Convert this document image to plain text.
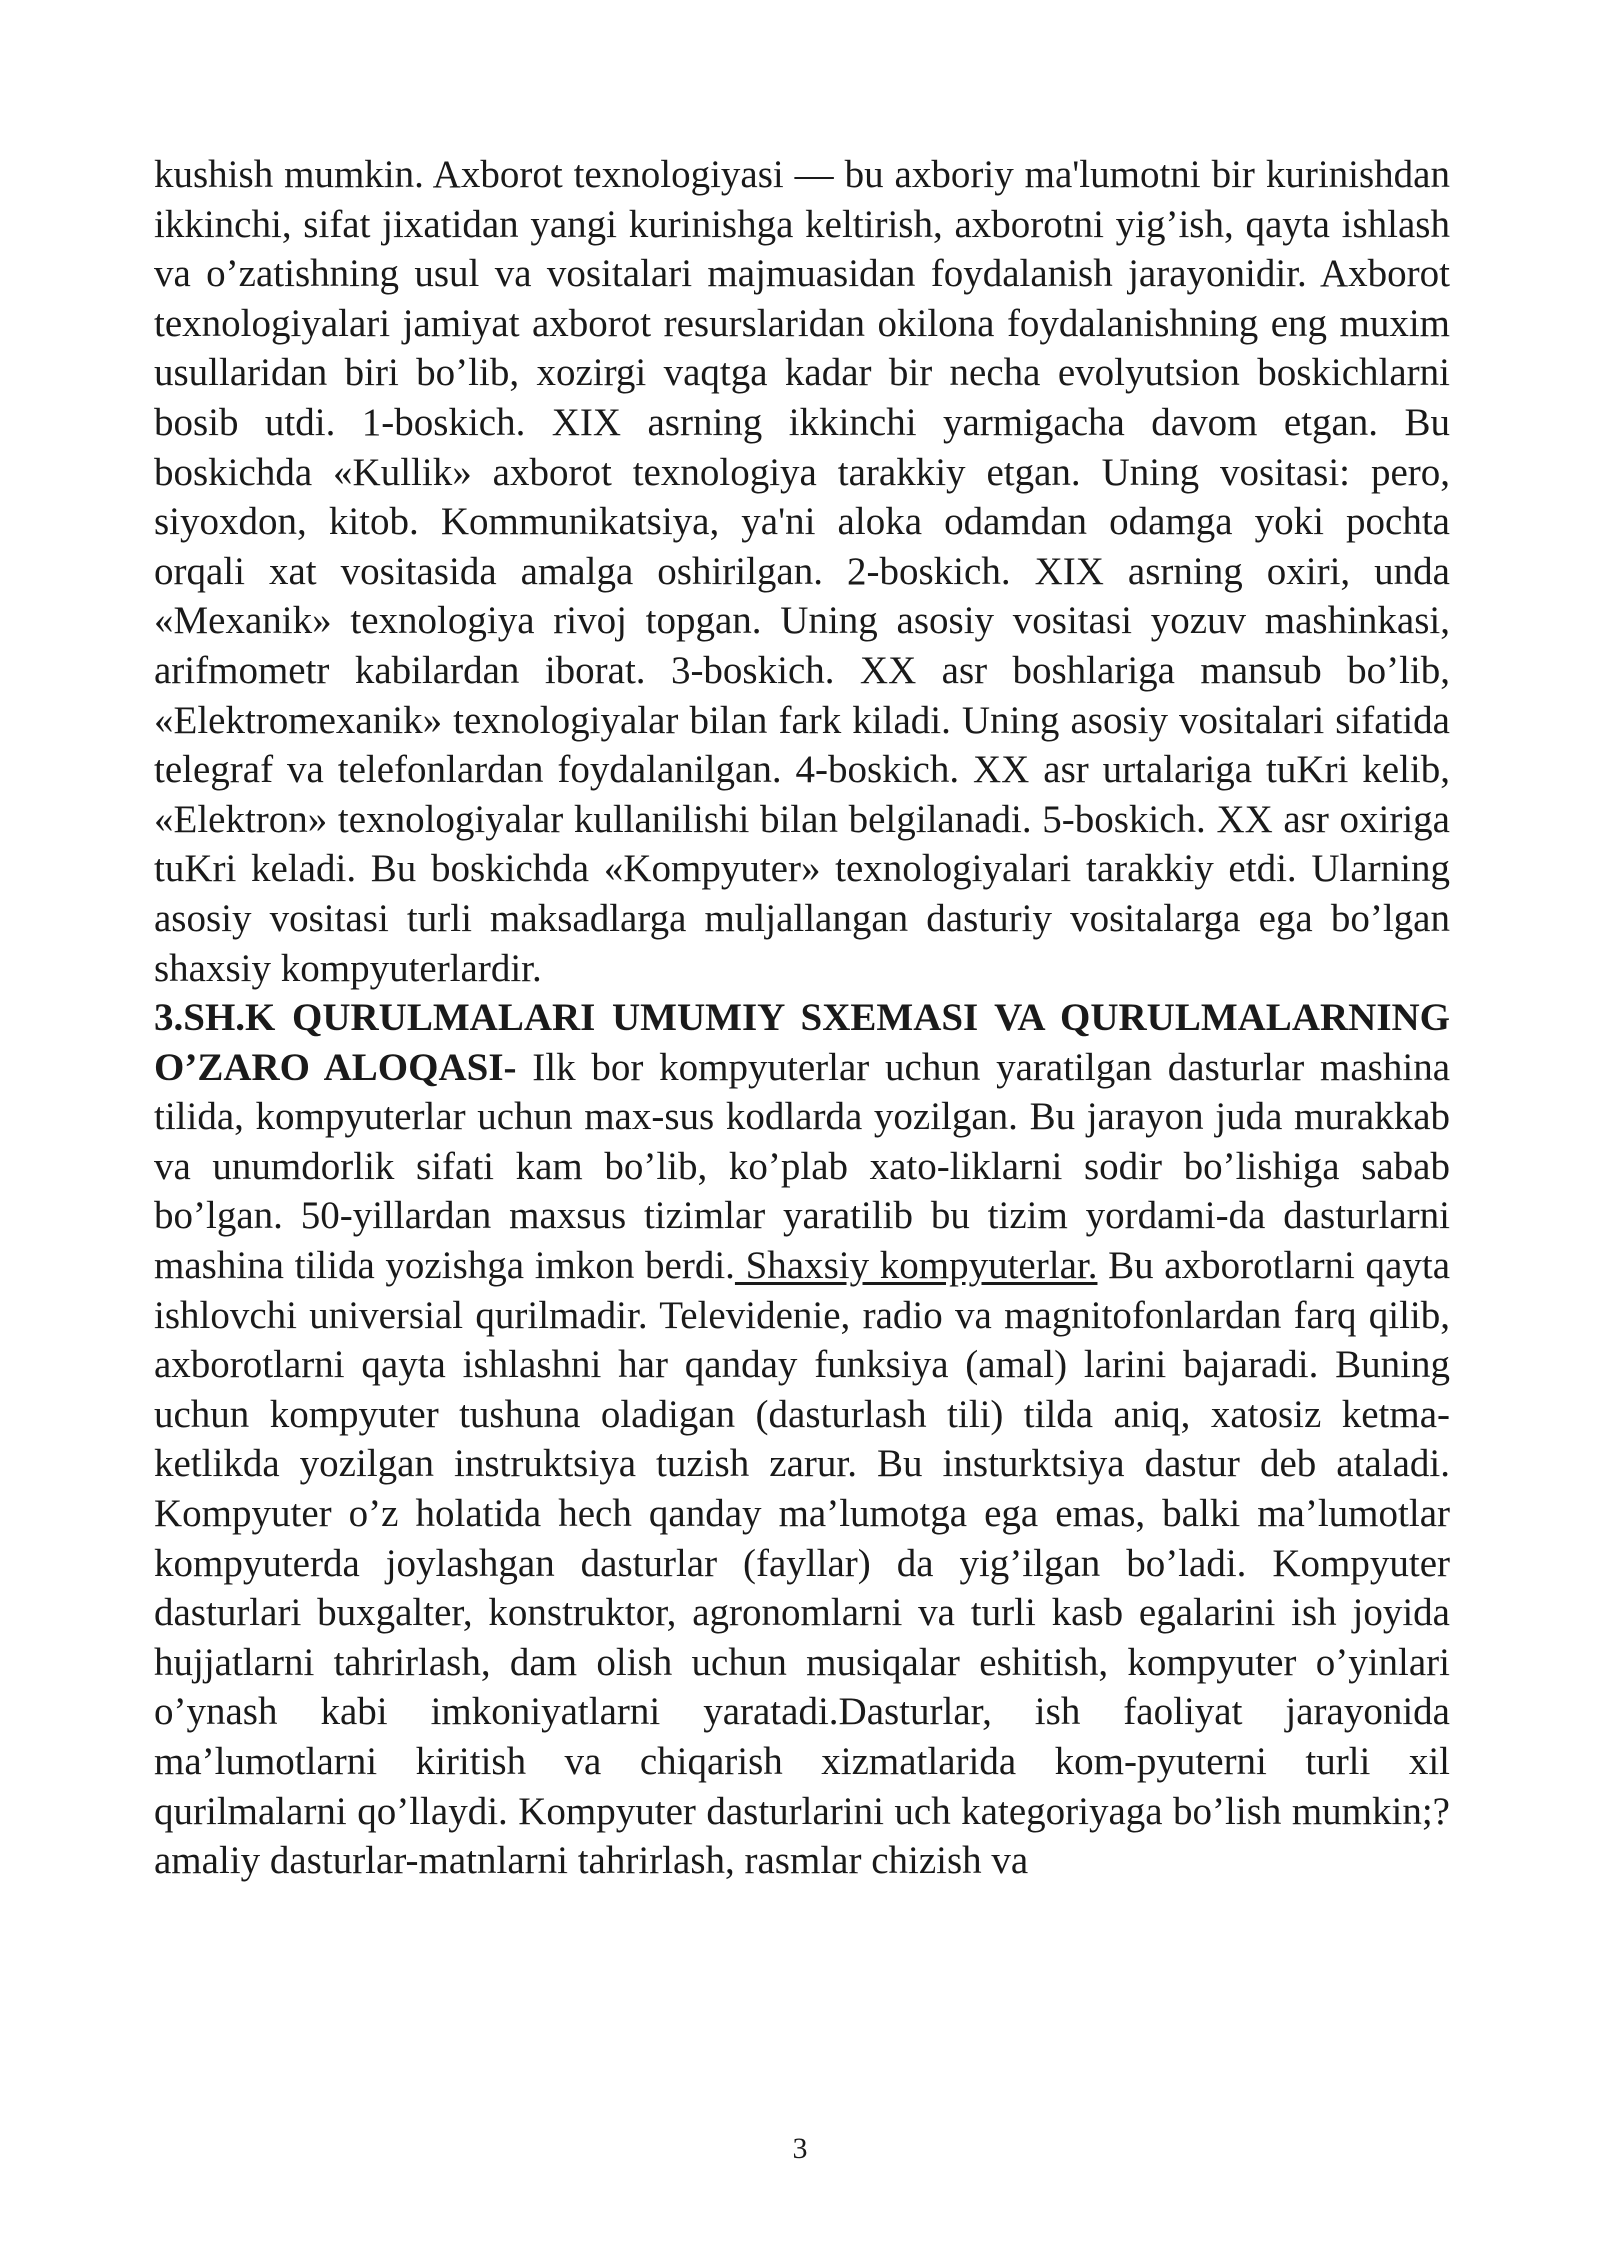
kushish mumkin. Axborot texnologiyasi — bu axboriy ma'lumotni bir kurinishdan ikkinchi, sifat jixatidan yangi kurinishga keltirish, axborotni yig’ish, qayta ishlash va o’zatishning usul va vositalari majmuasidan foydalanish jarayonidir. Axborot texnologiyalari jamiyat axborot resurslaridan okilona foydalanishning eng muxim usullaridan biri bo’lib, xozirgi vaqtga kadar bir necha evolyutsion boskichlarni bosib utdi. 1-boskich. XIX asrning ikkinchi yarmigacha davom etgan. Bu boskichda «Kullik» axborot texnologiya tarakkiy etgan. Uning vositasi: pero, siyoxdon, kitob. Kommunikatsiya, ya'ni aloka odamdan odamga yoki pochta orqali xat vositasida amalga oshirilgan. 2-boskich. XIX asrning oxiri, unda «Mexanik» texnologiya rivoj topgan. Uning asosiy vositasi yozuv mashinkasi, arifmometr kabilardan iborat. 3-boskich. XX asr boshlariga mansub bo’lib, «Elektromexanik» texnologiyalar bilan fark kiladi. Uning asosiy vositalari sifatida telegraf va telefonlardan foydalanilgan. 4-boskich. XX asr urtalariga tuKri kelib, «Elektron» texnologiyalar kullanilishi bilan belgilanadi. 5-boskich. XX asr oxiriga tuKri keladi. Bu boskichda «Kompyuter» texnologiyalari tarakkiy etdi. Ularning asosiy vositasi turli maksadlarga muljallangan dasturiy vositalarga ega bo’lgan shaxsiy kompyuterlardir.

3.SH.K QURULMALARI UMUMIY SXEMASI VA QURULMALARNING O’ZARO ALOQASI- Ilk bor kompyuterlar uchun yaratilgan dasturlar mashina tilida, kompyuterlar uchun max-sus kodlarda yozilgan. Bu jarayon juda murakkab va unumdorlik sifati kam bo’lib, ko’plab xato-liklarni sodir bo’lishiga sabab bo’lgan. 50-yillardan maxsus tizimlar yaratilib bu tizim yordami-da dasturlarni mashina tilida yozishga imkon berdi. Shaxsiy kompyuterlar. Bu axborotlarni qayta ishlovchi universial qurilmadir. Televidenie, radio va magnitofonlardan farq qilib, axborotlarni qayta ishlashni har qanday funksiya (amal) larini bajaradi. Buning uchun kompyuter tushuna oladigan (dasturlash tili) tilda aniq, xatosiz ketma-ketlikda yozilgan instruktsiya tuzish zarur. Bu insturktsiya dastur deb ataladi. Kompyuter o’z holatida hech qanday ma’lumotga ega emas, balki ma’lumotlar kompyuterda joylashgan dasturlar (fayllar) da yig’ilgan bo’ladi. Kompyuter dasturlari buxgalter, konstruktor, agronomlarni va turli kasb egalarini ish joyida hujjatlarni tahrirlash, dam olish uchun musiqalar eshitish, kompyuter o’yinlari o’ynash kabi imkoniyatlarni yaratadi.Dasturlar, ish faoliyat jarayonida ma’lumotlarni kiritish va chiqarish xizmatlarida kom-pyuterni turli xil qurilmalarni qo’llaydi. Kompyuter dasturlarini uch kategoriyaga bo’lish mumkin;? amaliy dasturlar-matnlarni tahrirlash, rasmlar chizish va

3
